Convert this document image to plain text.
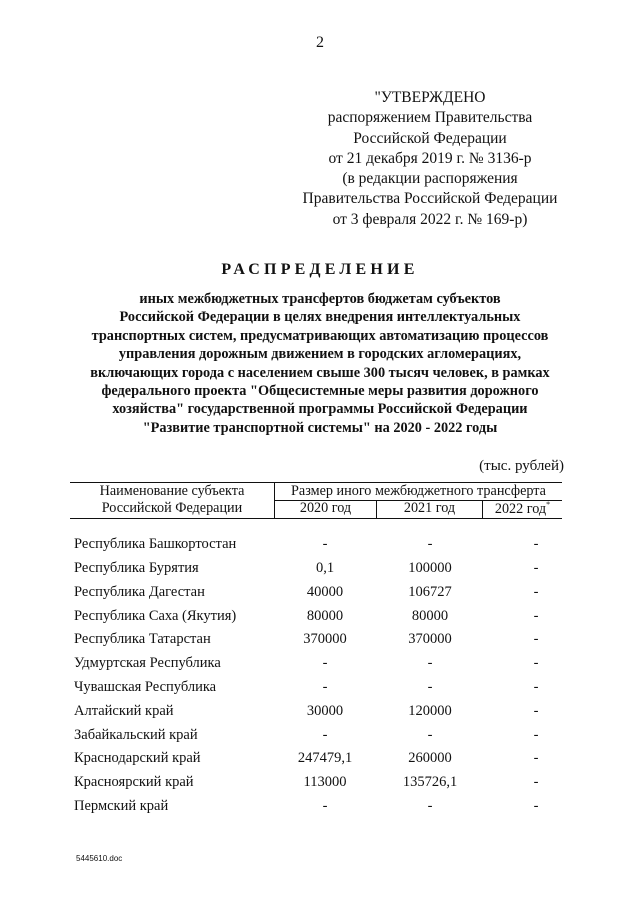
2
"УТВЕРЖДЕНО
распоряжением Правительства
Российской Федерации
от 21 декабря 2019 г. № 3136-р
(в редакции распоряжения
Правительства Российской Федерации
от 3 февраля 2022 г. № 169-р)
РАСПРЕДЕЛЕНИЕ
иных межбюджетных трансфертов бюджетам субъектов
Российской Федерации в целях внедрения интеллектуальных
транспортных систем, предусматривающих автоматизацию процессов
управления дорожным движением в городских агломерациях,
включающих города с населением свыше 300 тысяч человек, в рамках
федерального проекта "Общесистемные меры развития дорожного
хозяйства" государственной программы Российской Федерации
"Развитие транспортной системы" на 2020 - 2022 годы
(тыс. рублей)
Наименование субъекта
Российской Федерации
Размер иного межбюджетного трансферта
2020 год	2021 год	2022 год*
Республика Башкортостан	-	-	-
Республика Бурятия	0,1	100000	-
Республика Дагестан	40000	106727	-
Республика Саха (Якутия)	80000	80000	-
Республика Татарстан	370000	370000	-
Удмуртская Республика	-	-	-
Чувашская Республика	-	-	-
Алтайский край	30000	120000	-
Забайкальский край	-	-	-
Краснодарский край	247479,1	260000	-
Красноярский край	113000	135726,1	-
Пермский край	-	-	-
5445610.doc
